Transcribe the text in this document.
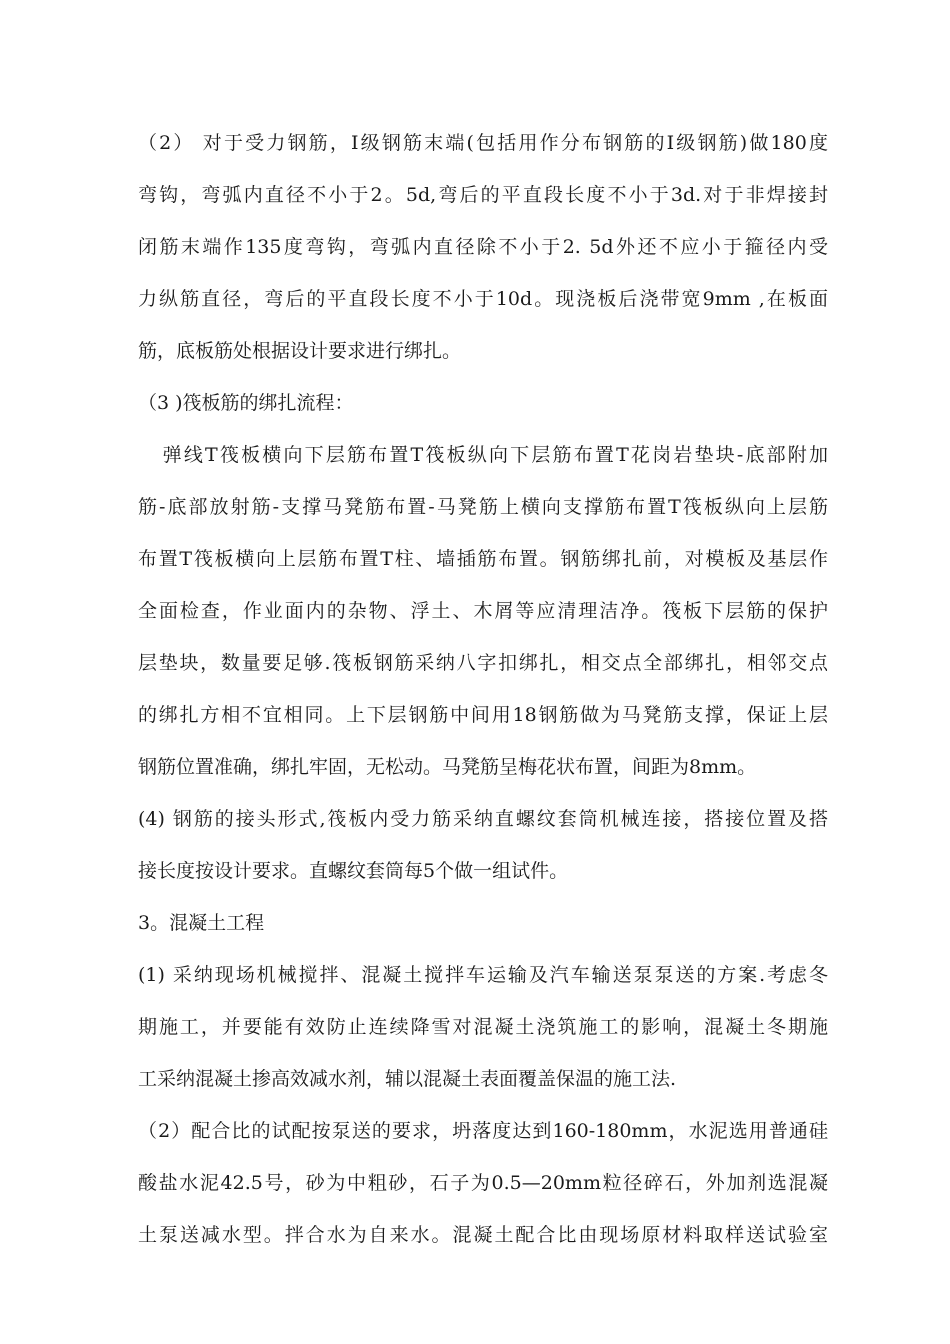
（2） 对于受力钢筋，I级钢筋末端(包括用作分布钢筋的I级钢筋)做180度
弯钩，弯弧内直径不小于2。5d,弯后的平直段长度不小于3d.对于非焊接封
闭筋末端作135度弯钩，弯弧内直径除不小于2. 5d外还不应小于箍径内受
力纵筋直径，弯后的平直段长度不小于10d。现浇板后浇带宽9mm ,在板面
筋，底板筋处根据设计要求进行绑扎。
（3 )筏板筋的绑扎流程：
弹线T筏板横向下层筋布置T筏板纵向下层筋布置T花岗岩垫块-底部附加
筋-底部放射筋-支撑马凳筋布置-马凳筋上横向支撑筋布置T筏板纵向上层筋
布置T筏板横向上层筋布置T柱、墙插筋布置。钢筋绑扎前，对模板及基层作
全面检查，作业面内的杂物、浮土、木屑等应清理洁净。筏板下层筋的保护
层垫块，数量要足够.筏板钢筋采纳八字扣绑扎，相交点全部绑扎，相邻交点
的绑扎方相不宜相同。上下层钢筋中间用18钢筋做为马凳筋支撑，保证上层
钢筋位置准确，绑扎牢固，无松动。马凳筋呈梅花状布置，间距为8mm。
(4) 钢筋的接头形式,筏板内受力筋采纳直螺纹套筒机械连接，搭接位置及搭
接长度按设计要求。直螺纹套筒每5个做一组试件。
3。混凝土工程
(1) 采纳现场机械搅拌、混凝土搅拌车运输及汽车输送泵泵送的方案.考虑冬
期施工，并要能有效防止连续降雪对混凝土浇筑施工的影响，混凝土冬期施
工采纳混凝土掺高效减水剂，辅以混凝土表面覆盖保温的施工法.
（2）配合比的试配按泵送的要求，坍落度达到160-180mm，水泥选用普通硅
酸盐水泥42.5号，砂为中粗砂，石子为0.5—20mm粒径碎石，外加剂选混凝
土泵送减水型。拌合水为自来水。混凝土配合比由现场原材料取样送试验室
